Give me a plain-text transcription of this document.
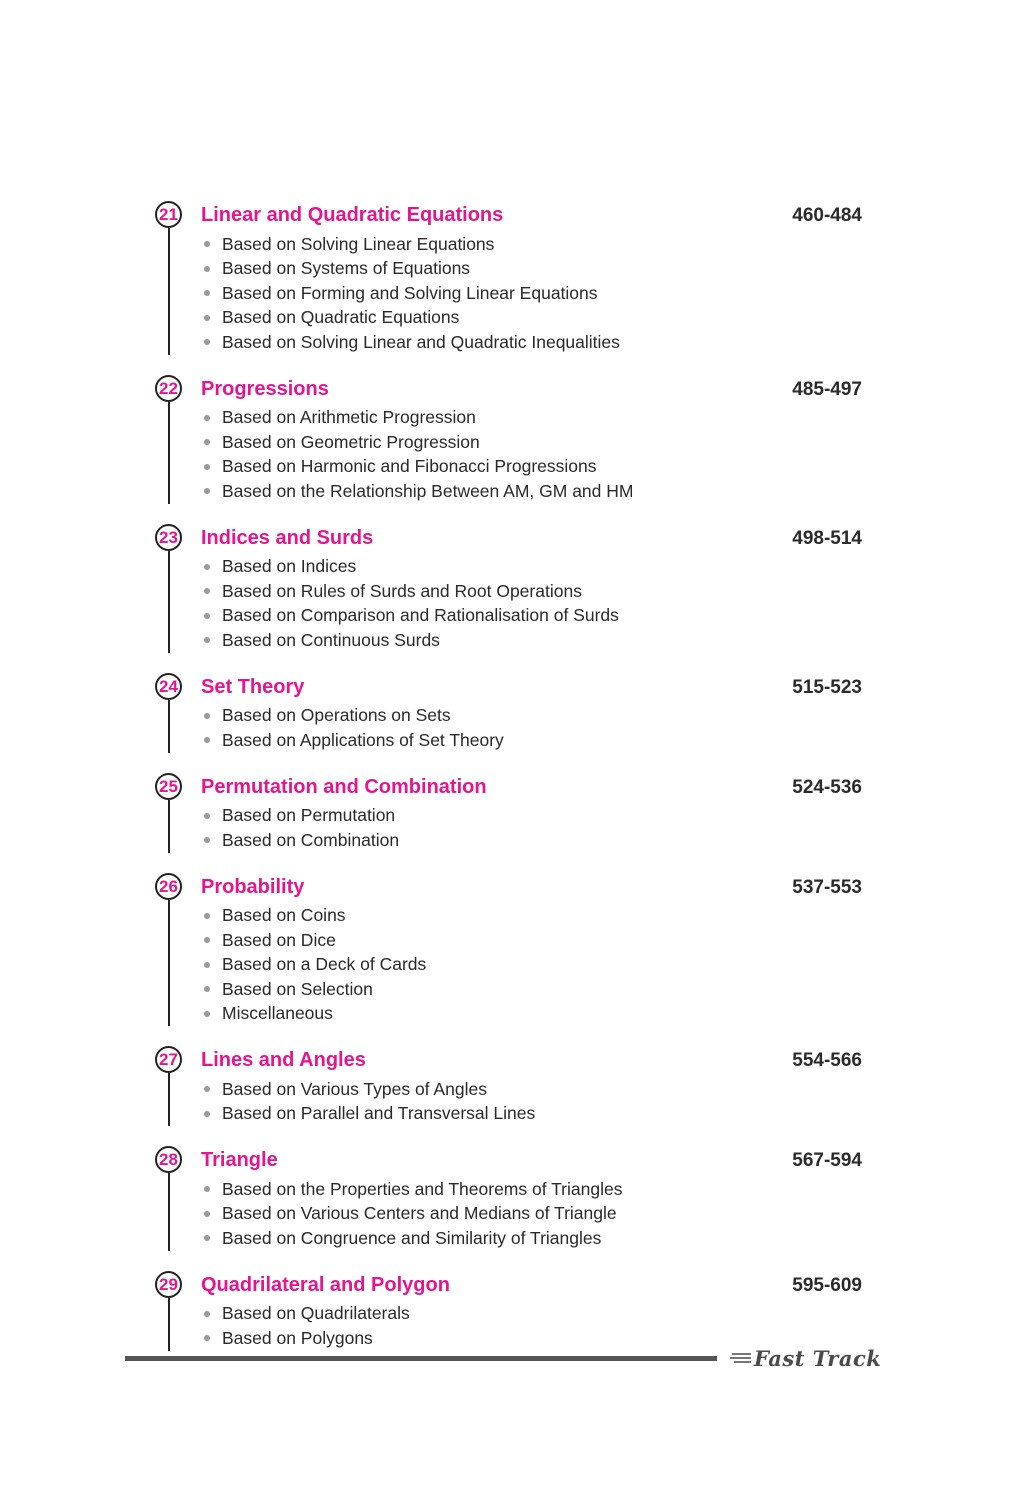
21 Linear and Quadratic Equations	460-484
Based on Solving Linear Equations
Based on Systems of Equations
Based on Forming and Solving Linear Equations
Based on Quadratic Equations
Based on Solving Linear and Quadratic Inequalities
22 Progressions	485-497
Based on Arithmetic Progression
Based on Geometric Progression
Based on Harmonic and Fibonacci Progressions
Based on the Relationship Between AM, GM and HM
23 Indices and Surds	498-514
Based on Indices
Based on Rules of Surds and Root Operations
Based on Comparison and Rationalisation of Surds
Based on Continuous Surds
24 Set Theory	515-523
Based on Operations on Sets
Based on Applications of Set Theory
25 Permutation and Combination	524-536
Based on Permutation
Based on Combination
26 Probability	537-553
Based on Coins
Based on Dice
Based on a Deck of Cards
Based on Selection
Miscellaneous
27 Lines and Angles	554-566
Based on Various Types of Angles
Based on Parallel and Transversal Lines
28 Triangle	567-594
Based on the Properties and Theorems of Triangles
Based on Various Centers and Medians of Triangle
Based on Congruence and Similarity of Triangles
29 Quadrilateral and Polygon	595-609
Based on Quadrilaterals
Based on Polygons
Fast Track
